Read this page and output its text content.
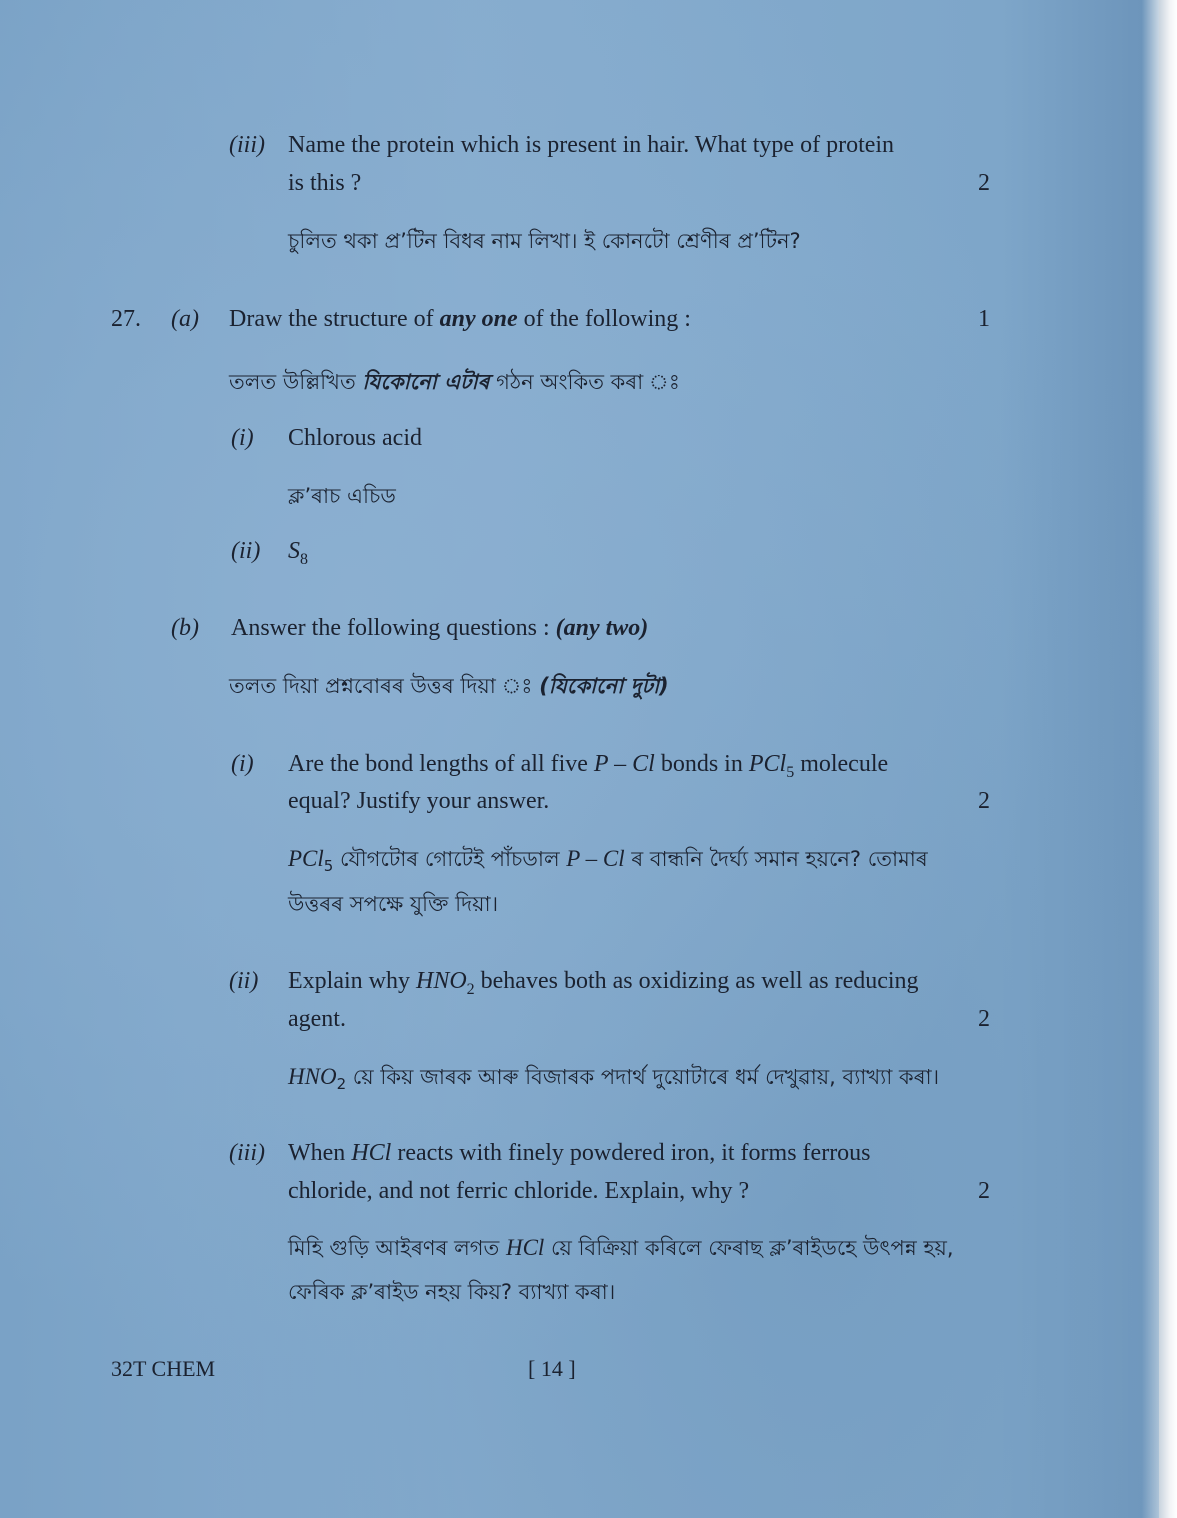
(iii) Name the protein which is present in hair. What type of protein
is this ?	2
চুলিত থকা প্ৰ’টিন বিধৰ নাম লিখা। ই কোনটো শ্ৰেণীৰ প্ৰ’টিন?
27. (a) Draw the structure of any one of the following :	1
তলত উল্লিখিত যিকোনো এটাৰ গঠন অংকিত কৰা ঃ
(i) Chlorous acid
ক্ল’ৰাচ এচিড
(ii) $S_8$
(b) Answer the following questions : (any two)
তলত দিয়া প্ৰশ্নবোৰৰ উত্তৰ দিয়া ঃ (যিকোনো দুটা)
(i) Are the bond lengths of all five P – Cl bonds in PCl$_5$ molecule
equal? Justify your answer.	2
PCl$_5$ যৌগটোৰ গোটেই পাঁচডাল P – Cl ৰ বান্ধনি দৈৰ্ঘ্য সমান হয়নে? তোমাৰ
উত্তৰৰ সপক্ষে যুক্তি দিয়া।
(ii) Explain why $HNO_2$ behaves both as oxidizing as well as reducing
agent.	2
$HNO_2$ য়ে কিয় জাৰক আৰু বিজাৰক পদাৰ্থ দুয়োটাৰে ধৰ্ম দেখুৱায়, ব্যাখ্যা কৰা।
(iii) When HCl reacts with finely powdered iron, it forms ferrous
chloride, and not ferric chloride. Explain, why ?	2
মিহি গুড়ি আইৰণৰ লগত HCl য়ে বিক্ৰিয়া কৰিলে ফেৰাছ ক্ল’ৰাইডহে উৎপন্ন হয়,
ফেৰিক ক্ল’ৰাইড নহয় কিয়? ব্যাখ্যা কৰা।
32T CHEM	[ 14 ]
